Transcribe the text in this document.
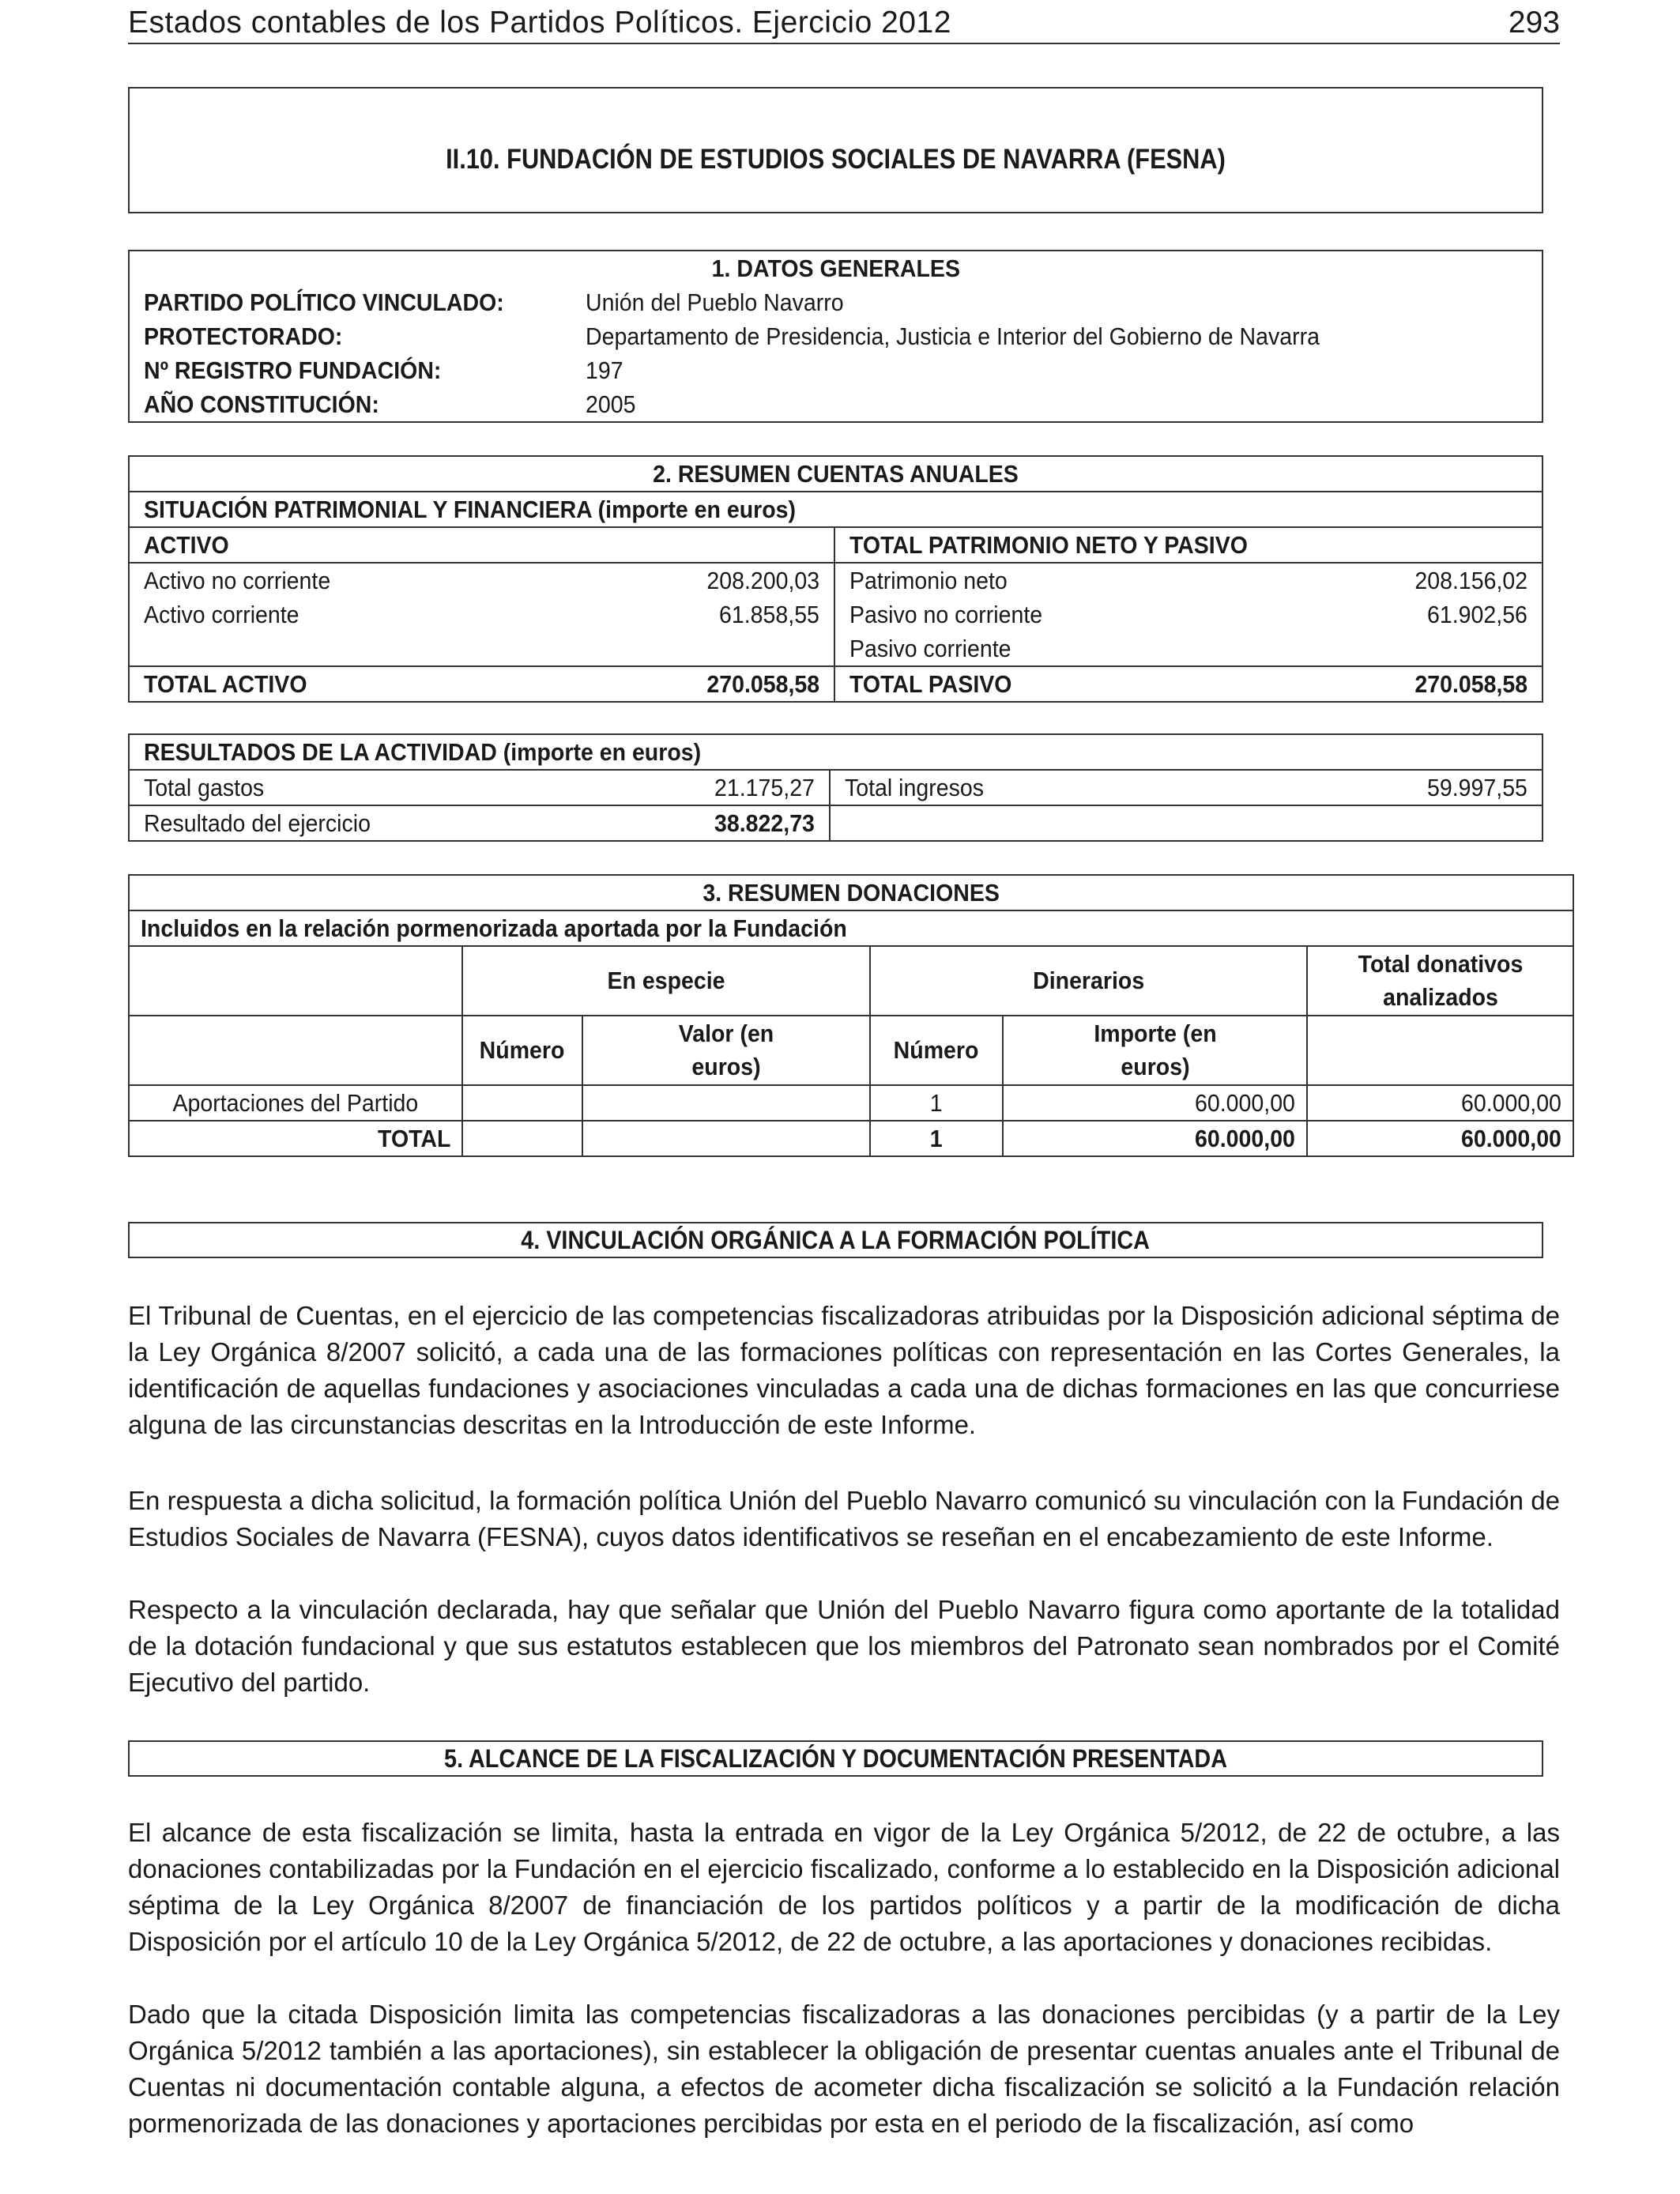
Estados contables de los Partidos Políticos. Ejercicio 2012	293
II.10. FUNDACIÓN DE ESTUDIOS SOCIALES DE NAVARRA (FESNA)
1. DATOS GENERALES	
PARTIDO POLÍTICO VINCULADO:	Unión del Pueblo Navarro
PROTECTORADO:	Departamento de Presidencia, Justicia e Interior del Gobierno de Navarra
Nº REGISTRO FUNDACIÓN:	197
AÑO CONSTITUCIÓN:	2005
2. RESUMEN CUENTAS ANUALES			
SITUACIÓN PATRIMONIAL Y FINANCIERA (importe en euros)			
ACTIVO		TOTAL PATRIMONIO NETO Y PASIVO	
Activo no corriente	208.200,03	Patrimonio neto	208.156,02
Activo corriente	61.858,55	Pasivo no corriente	61.902,56
		Pasivo corriente	
TOTAL ACTIVO	270.058,58	TOTAL PASIVO	270.058,58
RESULTADOS DE LA ACTIVIDAD (importe en euros)			
Total gastos	21.175,27	Total ingresos	59.997,55
Resultado del ejercicio	38.822,73		
3. RESUMEN DONACIONES					
Incluidos en la relación pormenorizada aportada por la Fundación					
	En especie		Dinerarios		Total donativos analizados
	Número	Valor (en euros)	Número	Importe (en euros)	
Aportaciones del Partido			1	60.000,00	60.000,00
TOTAL			1	60.000,00	60.000,00
4. VINCULACIÓN ORGÁNICA A LA FORMACIÓN POLÍTICA
El Tribunal de Cuentas, en el ejercicio de las competencias fiscalizadoras atribuidas por la Disposición adicional séptima de la Ley Orgánica 8/2007 solicitó, a cada una de las formaciones políticas con representación en las Cortes Generales, la identificación de aquellas fundaciones y asociaciones vinculadas a cada una de dichas formaciones en las que concurriese alguna de las circunstancias descritas en la Introducción de este Informe.
En respuesta a dicha solicitud, la formación política Unión del Pueblo Navarro comunicó su vinculación con la Fundación de Estudios Sociales de Navarra (FESNA), cuyos datos identificativos se reseñan en el encabezamiento de este Informe.
Respecto a la vinculación declarada, hay que señalar que Unión del Pueblo Navarro figura como aportante de la totalidad de la dotación fundacional y que sus estatutos establecen que los miembros del Patronato sean nombrados por el Comité Ejecutivo del partido.
5. ALCANCE DE LA FISCALIZACIÓN Y DOCUMENTACIÓN PRESENTADA
El alcance de esta fiscalización se limita, hasta la entrada en vigor de la Ley Orgánica 5/2012, de 22 de octubre, a las donaciones contabilizadas por la Fundación en el ejercicio fiscalizado, conforme a lo establecido en la Disposición adicional séptima de la Ley Orgánica 8/2007 de financiación de los partidos políticos y a partir de la modificación de dicha Disposición por el artículo 10 de la Ley Orgánica 5/2012, de 22 de octubre, a las aportaciones y donaciones recibidas.
Dado que la citada Disposición limita las competencias fiscalizadoras a las donaciones percibidas (y a partir de la Ley Orgánica 5/2012 también a las aportaciones), sin establecer la obligación de presentar cuentas anuales ante el Tribunal de Cuentas ni documentación contable alguna, a efectos de acometer dicha fiscalización se solicitó a la Fundación relación pormenorizada de las donaciones y aportaciones percibidas por esta en el periodo de la fiscalización, así como
